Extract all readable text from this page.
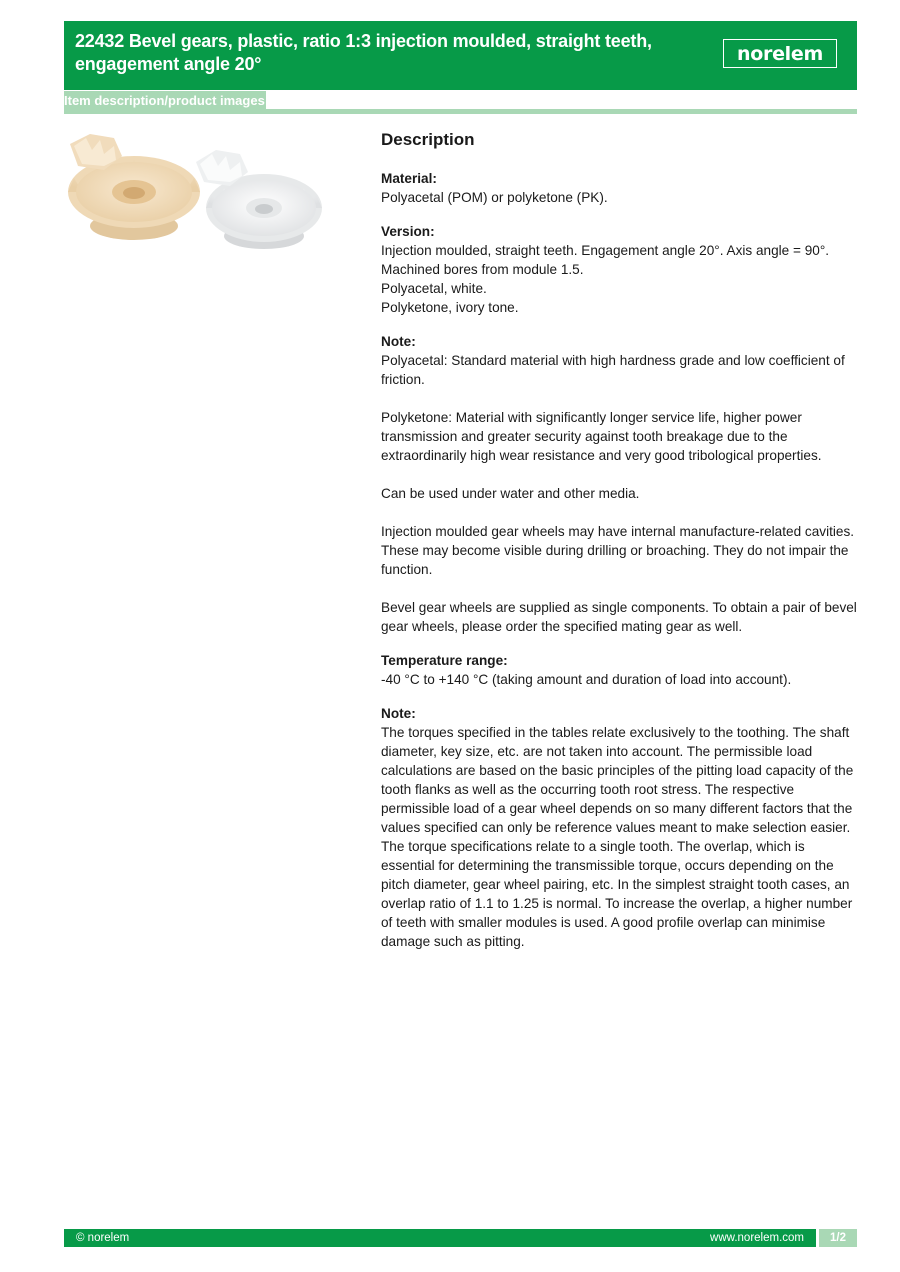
22432 Bevel gears, plastic, ratio 1:3 injection moulded, straight teeth,
engagement angle 20°	norelem
Item description/product images
Description
Material:
Polyacetal (POM) or polyketone (PK).
Version:
Injection moulded, straight teeth. Engagement angle 20°. Axis angle = 90°.
Machined bores from module 1.5.
Polyacetal, white.
Polyketone, ivory tone.
Note:
Polyacetal: Standard material with high hardness grade and low coefficient of friction.
Polyketone: Material with significantly longer service life, higher power transmission and greater security against tooth breakage due to the extraordinarily high wear resistance and very good tribological properties.
Can be used under water and other media.
Injection moulded gear wheels may have internal manufacture-related cavities. These may become visible during drilling or broaching. They do not impair the function.
Bevel gear wheels are supplied as single components. To obtain a pair of bevel gear wheels, please order the specified mating gear as well.
Temperature range:
-40 °C to +140 °C (taking amount and duration of load into account).
Note:
The torques specified in the tables relate exclusively to the toothing. The shaft diameter, key size, etc. are not taken into account. The permissible load calculations are based on the basic principles of the pitting load capacity of the tooth flanks as well as the occurring tooth root stress. The respective permissible load of a gear wheel depends on so many different factors that the values specified can only be reference values meant to make selection easier. The torque specifications relate to a single tooth. The overlap, which is essential for determining the transmissible torque, occurs depending on the pitch diameter, gear wheel pairing, etc. In the simplest straight tooth cases, an overlap ratio of 1.1 to 1.25 is normal. To increase the overlap, a higher number of teeth with smaller modules is used. A good profile overlap can minimise damage such as pitting.
© norelem	www.norelem.com	1/2
